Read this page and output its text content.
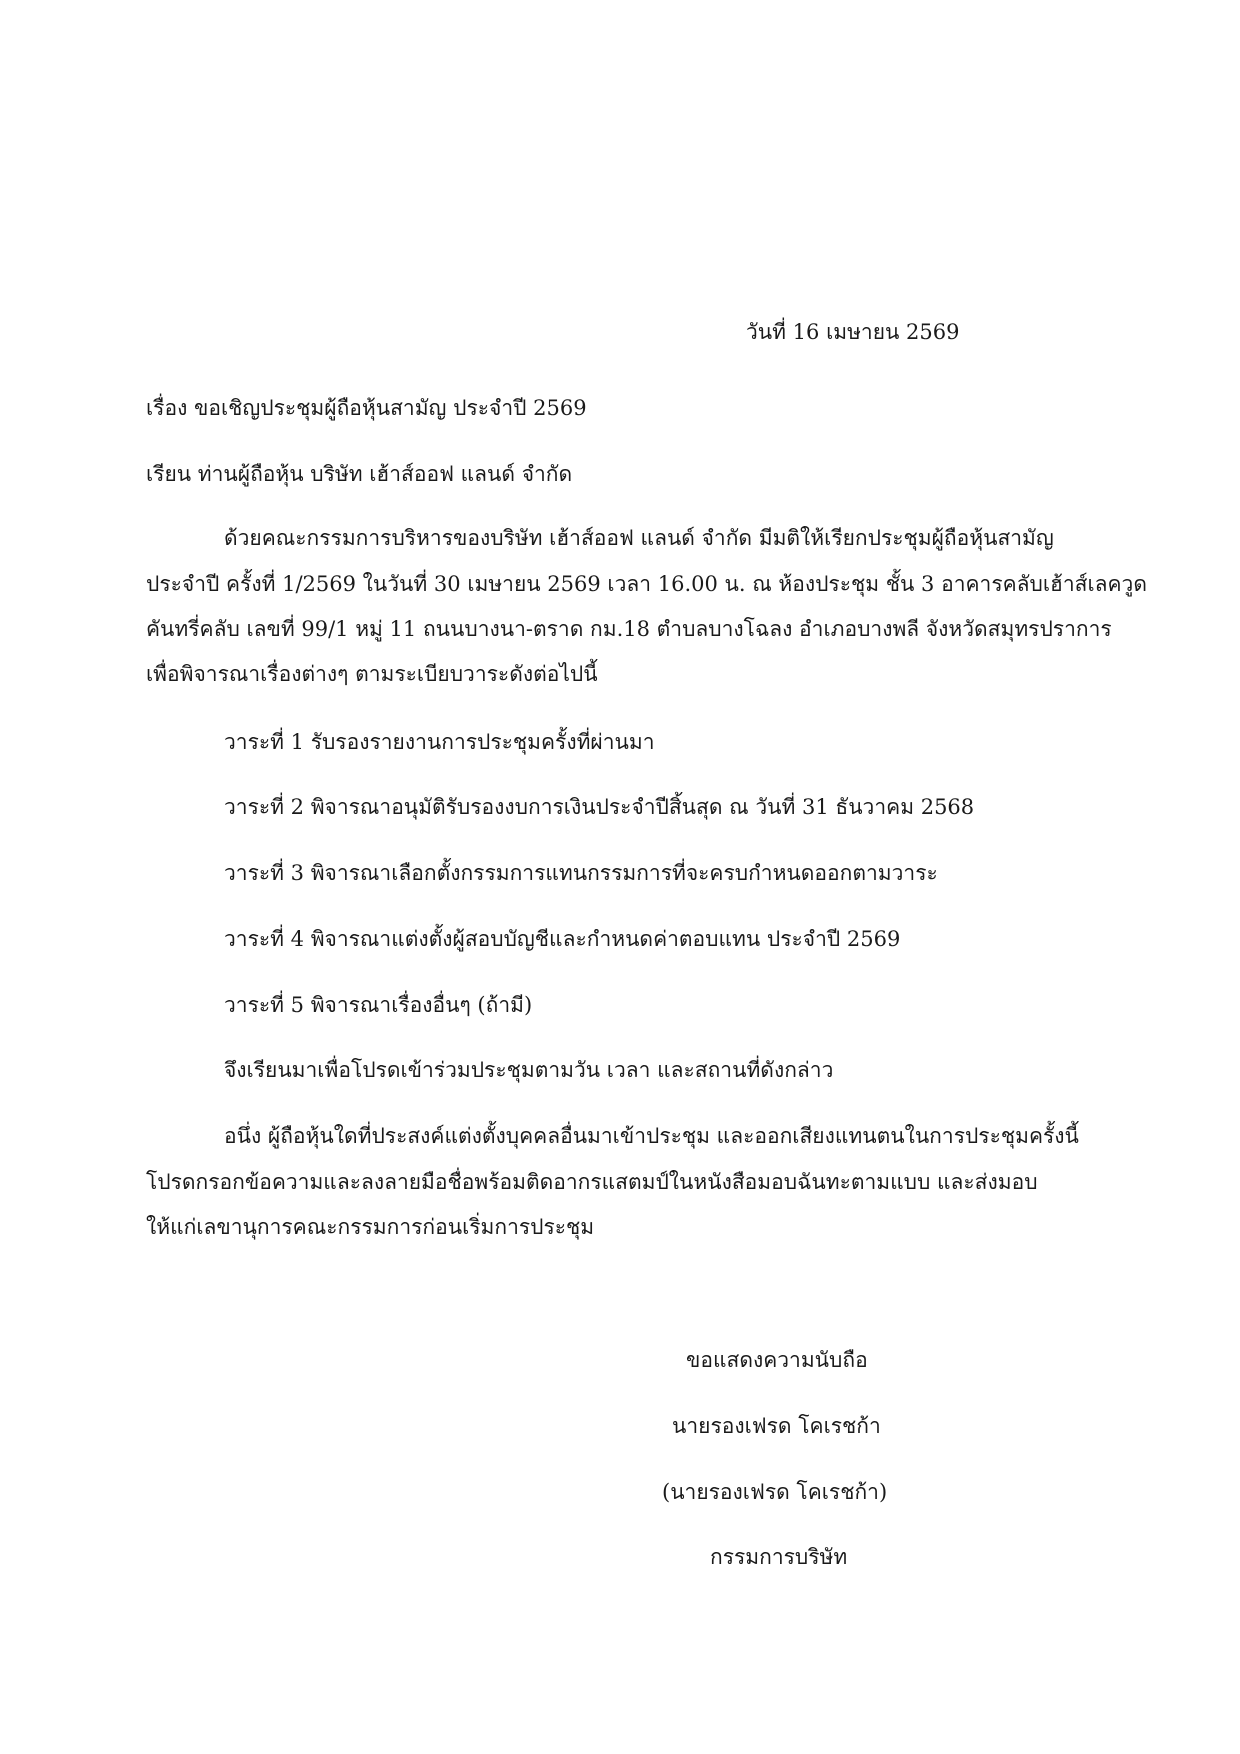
วันที่ 16 เมษายน 2569
เรื่อง ขอเชิญประชุมผู้ถือหุ้นสามัญ ประจำปี 2569
เรียน ท่านผู้ถือหุ้น บริษัท เฮ้าส์ออฟ แลนด์ จำกัด
ด้วยคณะกรรมการบริหารของบริษัท เฮ้าส์ออฟ แลนด์ จำกัด มีมติให้เรียกประชุมผู้ถือหุ้นสามัญ
ประจำปี ครั้งที่ 1/2569 ในวันที่ 30 เมษายน 2569 เวลา 16.00 น. ณ ห้องประชุม ชั้น 3 อาคารคลับเฮ้าส์เลควูด
คันทรี่คลับ เลขที่ 99/1 หมู่ 11 ถนนบางนา-ตราด กม.18 ตำบลบางโฉลง อำเภอบางพลี จังหวัดสมุทรปราการ
เพื่อพิจารณาเรื่องต่างๆ ตามระเบียบวาระดังต่อไปนี้
วาระที่ 1 รับรองรายงานการประชุมครั้งที่ผ่านมา
วาระที่ 2 พิจารณาอนุมัติรับรองงบการเงินประจำปีสิ้นสุด ณ วันที่ 31 ธันวาคม 2568
วาระที่ 3 พิจารณาเลือกตั้งกรรมการแทนกรรมการที่จะครบกำหนดออกตามวาระ
วาระที่ 4 พิจารณาแต่งตั้งผู้สอบบัญชีและกำหนดค่าตอบแทน ประจำปี 2569
วาระที่ 5 พิจารณาเรื่องอื่นๆ (ถ้ามี)
จึงเรียนมาเพื่อโปรดเข้าร่วมประชุมตามวัน เวลา และสถานที่ดังกล่าว
อนึ่ง ผู้ถือหุ้นใดที่ประสงค์แต่งตั้งบุคคลอื่นมาเข้าประชุม และออกเสียงแทนตนในการประชุมครั้งนี้
โปรดกรอกข้อความและลงลายมือชื่อพร้อมติดอากรแสตมป์ในหนังสือมอบฉันทะตามแบบ และส่งมอบ
ให้แก่เลขานุการคณะกรรมการก่อนเริ่มการประชุม
ขอแสดงความนับถือ
นายรองเฟรด โคเรชก้า
(นายรองเฟรด โคเรชก้า)
กรรมการบริษัท
